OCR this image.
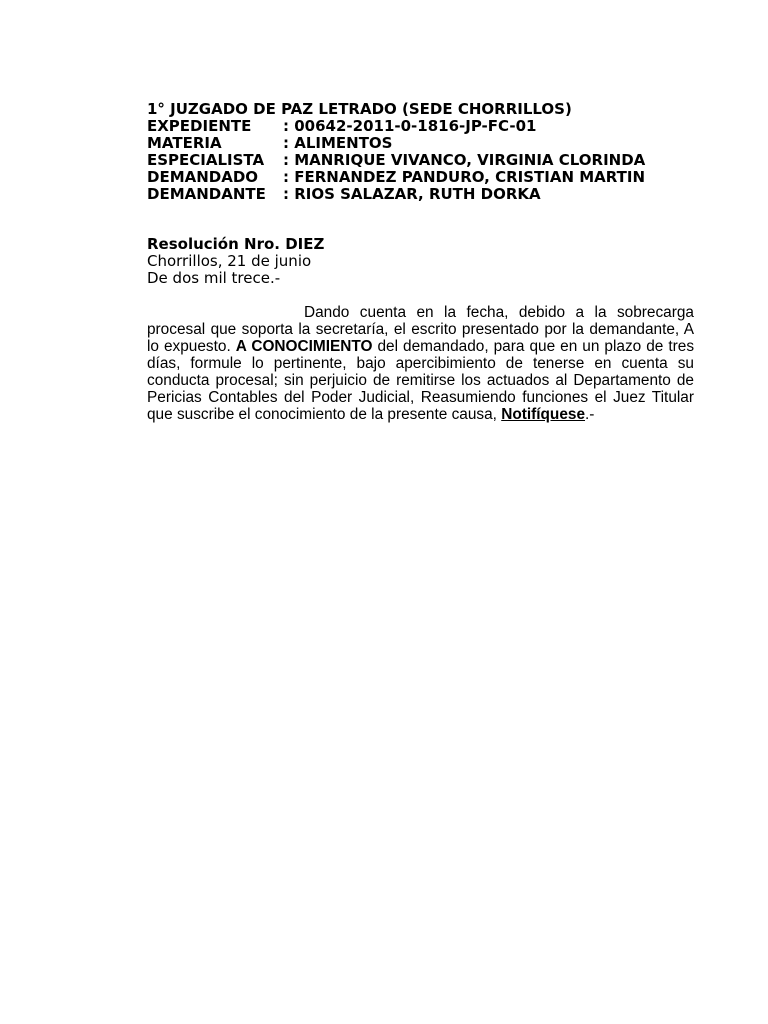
1° JUZGADO DE PAZ LETRADO (SEDE CHORRILLOS)
EXPEDIENTE : 00642-2011-0-1816-JP-FC-01
MATERIA	: ALIMENTOS
ESPECIALISTA : MANRIQUE VIVANCO, VIRGINIA CLORINDA
DEMANDADO : FERNANDEZ PANDURO, CRISTIAN MARTIN
DEMANDANTE : RIOS SALAZAR, RUTH DORKA
Resolución Nro. DIEZ
Chorrillos, 21 de junio
De dos mil trece.-

Dando cuenta en la fecha, debido a la sobrecarga procesal que soporta la secretaría, el escrito presentado por la demandante, A lo expuesto. A CONOCIMIENTO del demandado, para que en un plazo de tres días, formule lo pertinente, bajo apercibimiento de tenerse en cuenta su conducta procesal; sin perjuicio de remitirse los actuados al Departamento de Pericias Contables del Poder Judicial, Reasumiendo funciones el Juez Titular que suscribe el conocimiento de la presente causa, Notifíquese.-
